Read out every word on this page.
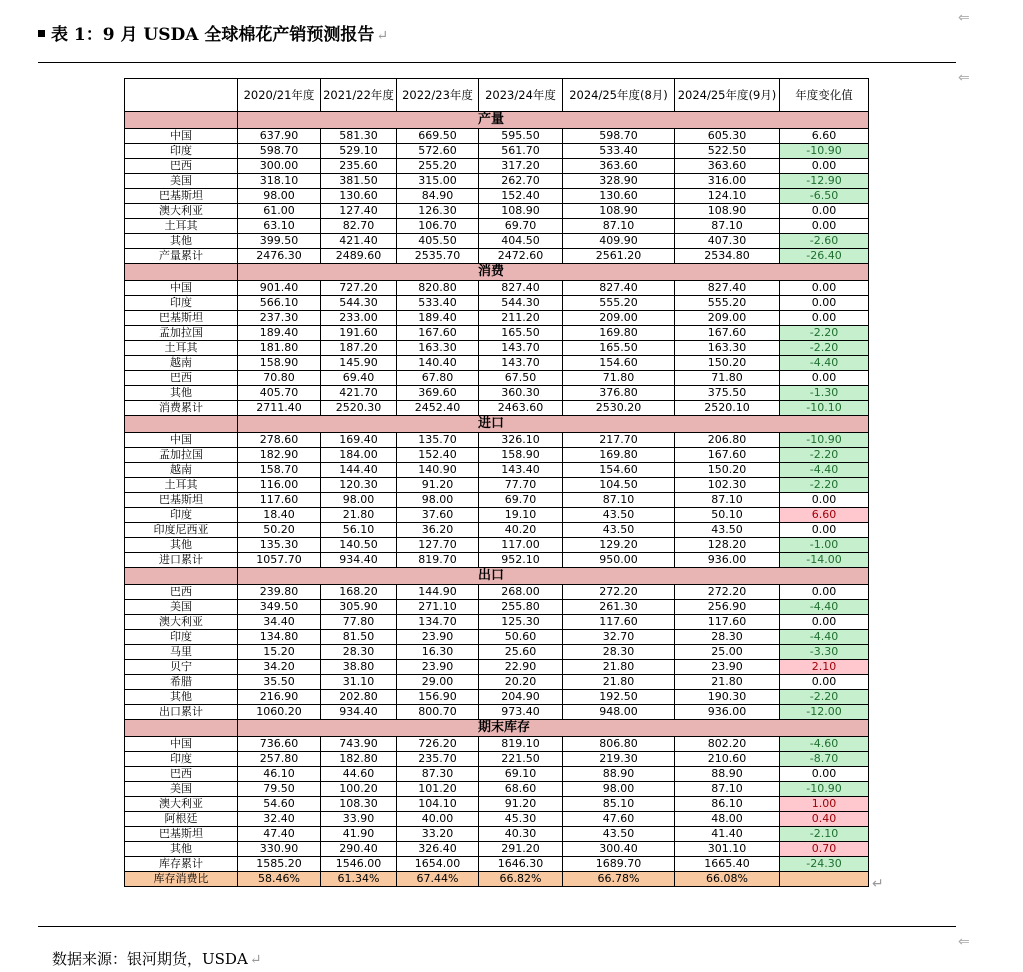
表 1：9 月 USDA 全球棉花产销预测报告 ↵
⇐
⇐
	2020/21年度	2021/22年度	2022/23年度	2023/24年度	2024/25年度(8月)	2024/25年度(9月)	年度变化值
	产量						
中国	637.90	581.30	669.50	595.50	598.70	605.30	6.60
印度	598.70	529.10	572.60	561.70	533.40	522.50	-10.90
巴西	300.00	235.60	255.20	317.20	363.60	363.60	0.00
美国	318.10	381.50	315.00	262.70	328.90	316.00	-12.90
巴基斯坦	98.00	130.60	84.90	152.40	130.60	124.10	-6.50
澳大利亚	61.00	127.40	126.30	108.90	108.90	108.90	0.00
土耳其	63.10	82.70	106.70	69.70	87.10	87.10	0.00
其他	399.50	421.40	405.50	404.50	409.90	407.30	-2.60
产量累计	2476.30	2489.60	2535.70	2472.60	2561.20	2534.80	-26.40
	消费						
中国	901.40	727.20	820.80	827.40	827.40	827.40	0.00
印度	566.10	544.30	533.40	544.30	555.20	555.20	0.00
巴基斯坦	237.30	233.00	189.40	211.20	209.00	209.00	0.00
孟加拉国	189.40	191.60	167.60	165.50	169.80	167.60	-2.20
土耳其	181.80	187.20	163.30	143.70	165.50	163.30	-2.20
越南	158.90	145.90	140.40	143.70	154.60	150.20	-4.40
巴西	70.80	69.40	67.80	67.50	71.80	71.80	0.00
其他	405.70	421.70	369.60	360.30	376.80	375.50	-1.30
消费累计	2711.40	2520.30	2452.40	2463.60	2530.20	2520.10	-10.10
	进口						
中国	278.60	169.40	135.70	326.10	217.70	206.80	-10.90
孟加拉国	182.90	184.00	152.40	158.90	169.80	167.60	-2.20
越南	158.70	144.40	140.90	143.40	154.60	150.20	-4.40
土耳其	116.00	120.30	91.20	77.70	104.50	102.30	-2.20
巴基斯坦	117.60	98.00	98.00	69.70	87.10	87.10	0.00
印度	18.40	21.80	37.60	19.10	43.50	50.10	6.60
印度尼西亚	50.20	56.10	36.20	40.20	43.50	43.50	0.00
其他	135.30	140.50	127.70	117.00	129.20	128.20	-1.00
进口累计	1057.70	934.40	819.70	952.10	950.00	936.00	-14.00
	出口						
巴西	239.80	168.20	144.90	268.00	272.20	272.20	0.00
美国	349.50	305.90	271.10	255.80	261.30	256.90	-4.40
澳大利亚	34.40	77.80	134.70	125.30	117.60	117.60	0.00
印度	134.80	81.50	23.90	50.60	32.70	28.30	-4.40
马里	15.20	28.30	16.30	25.60	28.30	25.00	-3.30
贝宁	34.20	38.80	23.90	22.90	21.80	23.90	2.10
希腊	35.50	31.10	29.00	20.20	21.80	21.80	0.00
其他	216.90	202.80	156.90	204.90	192.50	190.30	-2.20
出口累计	1060.20	934.40	800.70	973.40	948.00	936.00	-12.00
	期末库存						
中国	736.60	743.90	726.20	819.10	806.80	802.20	-4.60
印度	257.80	182.80	235.70	221.50	219.30	210.60	-8.70
巴西	46.10	44.60	87.30	69.10	88.90	88.90	0.00
美国	79.50	100.20	101.20	68.60	98.00	87.10	-10.90
澳大利亚	54.60	108.30	104.10	91.20	85.10	86.10	1.00
阿根廷	32.40	33.90	40.00	45.30	47.60	48.00	0.40
巴基斯坦	47.40	41.90	33.20	40.30	43.50	41.40	-2.10
其他	330.90	290.40	326.40	291.20	300.40	301.10	0.70
库存累计	1585.20	1546.00	1654.00	1646.30	1689.70	1665.40	-24.30
库存消费比	58.46%	61.34%	67.44%	66.82%	66.78%	66.08%		↵
⇐
数据来源：银河期货，USDA ↵
